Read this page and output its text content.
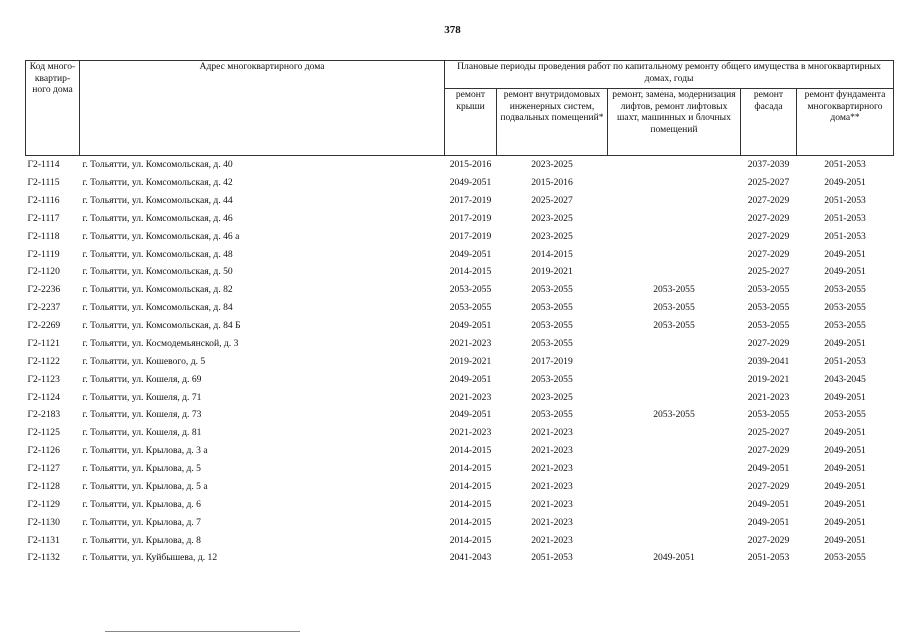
378
Код много-квартир-ного дома	Адрес многоквартирного дома	Плановые периоды проведения работ по капитальному ремонту общего имущества в многоквартирных домах, годы				
		ремонт крыши	ремонт внутридомовых инженерных систем, подвальных помещений*	ремонт, замена, модернизация лифтов, ремонт лифтовых шахт, машинных и блочных помещений	ремонт фасада	ремонт фундамента многоквартирного дома**
Г2-1114	г. Тольятти, ул. Комсомольская, д. 40	2015-2016	2023-2025		2037-2039	2051-2053
Г2-1115	г. Тольятти, ул. Комсомольская, д. 42	2049-2051	2015-2016		2025-2027	2049-2051
Г2-1116	г. Тольятти, ул. Комсомольская, д. 44	2017-2019	2025-2027		2027-2029	2051-2053
Г2-1117	г. Тольятти, ул. Комсомольская, д. 46	2017-2019	2023-2025		2027-2029	2051-2053
Г2-1118	г. Тольятти, ул. Комсомольская, д. 46 а	2017-2019	2023-2025		2027-2029	2051-2053
Г2-1119	г. Тольятти, ул. Комсомольская, д. 48	2049-2051	2014-2015		2027-2029	2049-2051
Г2-1120	г. Тольятти, ул. Комсомольская, д. 50	2014-2015	2019-2021		2025-2027	2049-2051
Г2-2236	г. Тольятти, ул. Комсомольская, д. 82	2053-2055	2053-2055	2053-2055	2053-2055	2053-2055
Г2-2237	г. Тольятти, ул. Комсомольская, д. 84	2053-2055	2053-2055	2053-2055	2053-2055	2053-2055
Г2-2269	г. Тольятти, ул. Комсомольская, д. 84 Б	2049-2051	2053-2055	2053-2055	2053-2055	2053-2055
Г2-1121	г. Тольятти, ул. Космодемьянской, д. 3	2021-2023	2053-2055		2027-2029	2049-2051
Г2-1122	г. Тольятти, ул. Кошевого, д. 5	2019-2021	2017-2019		2039-2041	2051-2053
Г2-1123	г. Тольятти, ул. Кошеля, д. 69	2049-2051	2053-2055		2019-2021	2043-2045
Г2-1124	г. Тольятти, ул. Кошеля, д. 71	2021-2023	2023-2025		2021-2023	2049-2051
Г2-2183	г. Тольятти, ул. Кошеля, д. 73	2049-2051	2053-2055	2053-2055	2053-2055	2053-2055
Г2-1125	г. Тольятти, ул. Кошеля, д. 81	2021-2023	2021-2023		2025-2027	2049-2051
Г2-1126	г. Тольятти, ул. Крылова, д. 3 а	2014-2015	2021-2023		2027-2029	2049-2051
Г2-1127	г. Тольятти, ул. Крылова, д. 5	2014-2015	2021-2023		2049-2051	2049-2051
Г2-1128	г. Тольятти, ул. Крылова, д. 5 а	2014-2015	2021-2023		2027-2029	2049-2051
Г2-1129	г. Тольятти, ул. Крылова, д. 6	2014-2015	2021-2023		2049-2051	2049-2051
Г2-1130	г. Тольятти, ул. Крылова, д. 7	2014-2015	2021-2023		2049-2051	2049-2051
Г2-1131	г. Тольятти, ул. Крылова, д. 8	2014-2015	2021-2023		2027-2029	2049-2051
Г2-1132	г. Тольятти, ул. Куйбышева, д. 12	2041-2043	2051-2053	2049-2051	2051-2053	2053-2055
